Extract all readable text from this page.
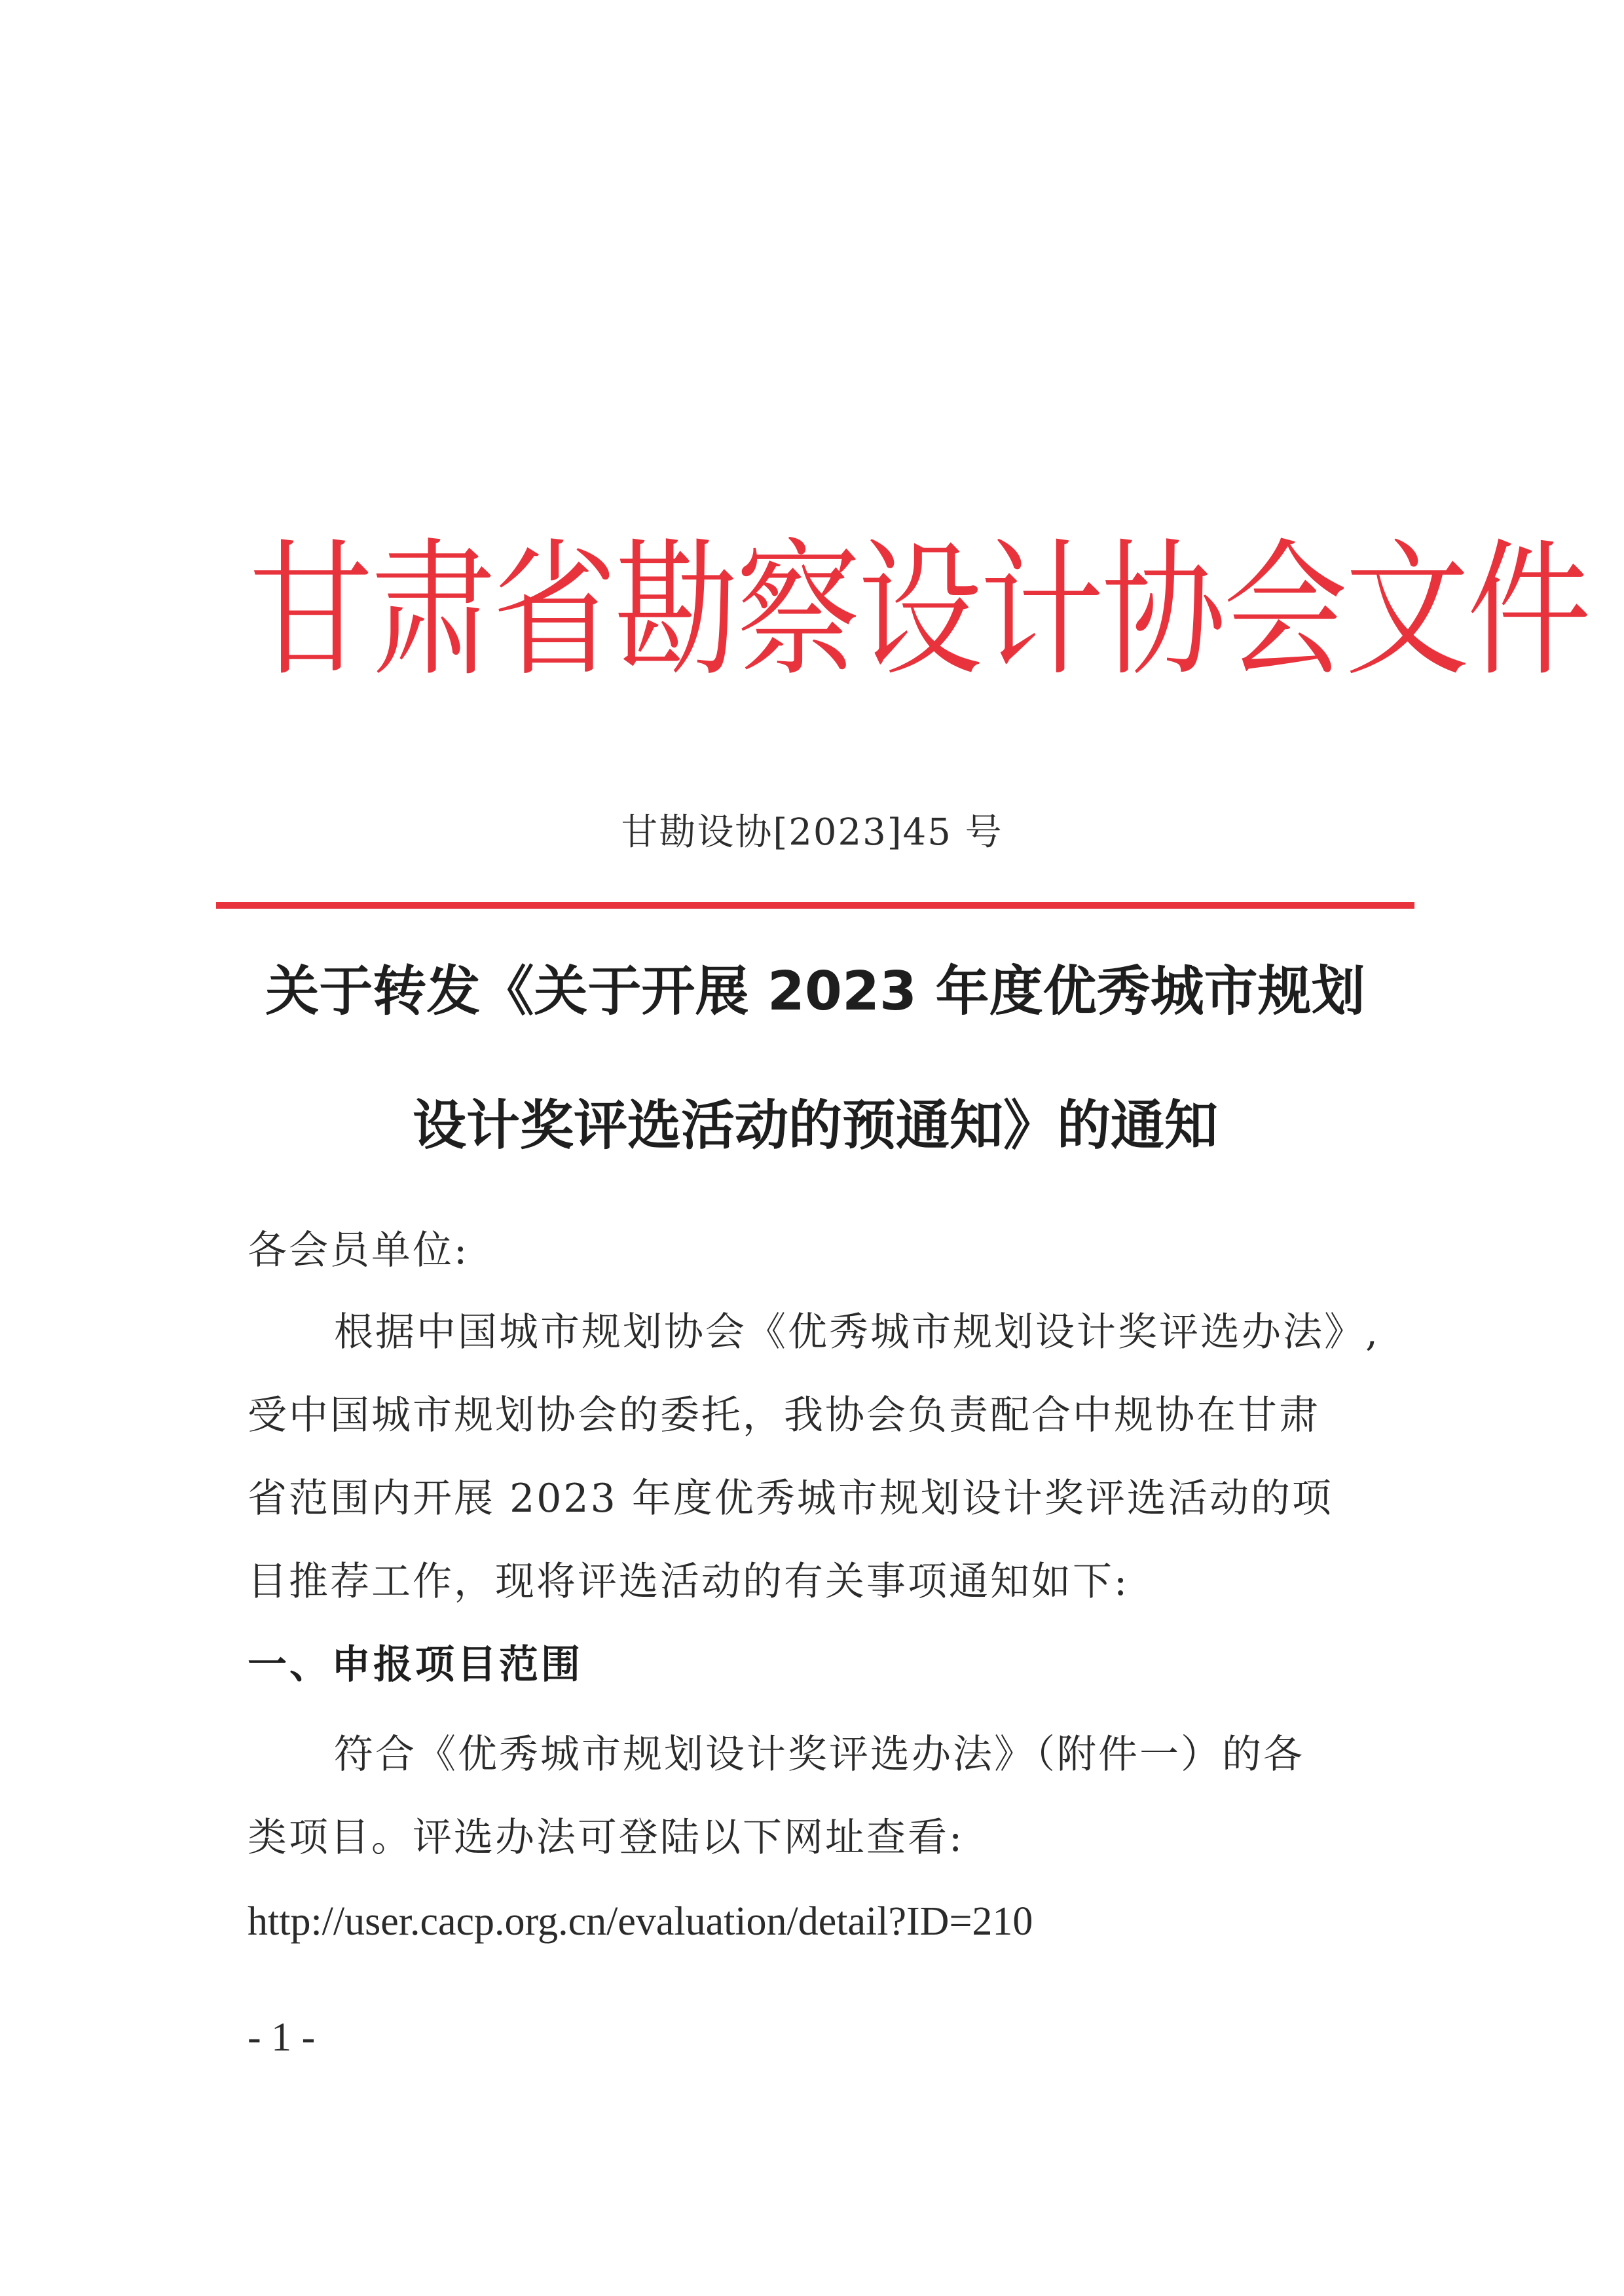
甘肃省勘察设计协会文件
甘勘设协[2023]45 号
关于转发《关于开展 2023 年度优秀城市规划
设计奖评选活动的预通知》的通知
各会员单位:
根据中国城市规划协会《优秀城市规划设计奖评选办法》,
受中国城市规划协会的委托，我协会负责配合中规协在甘肃
省范围内开展 2023 年度优秀城市规划设计奖评选活动的项
目推荐工作，现将评选活动的有关事项通知如下:
一、申报项目范围
符合《优秀城市规划设计奖评选办法》（附件一）的各
类项目。评选办法可登陆以下网址查看:
http://user.cacp.org.cn/evaluation/detail?ID=210
- 1 -
